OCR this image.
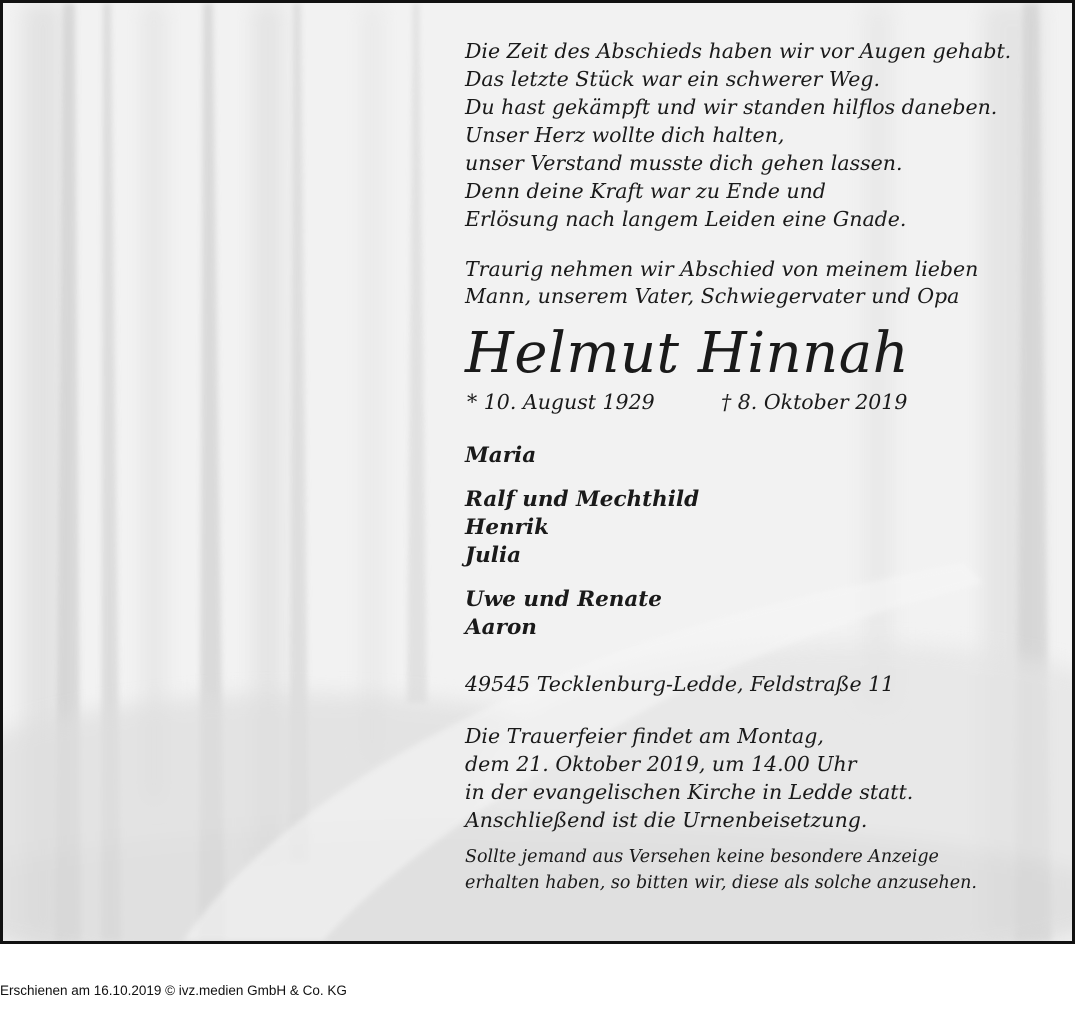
Die Zeit des Abschieds haben wir vor Augen gehabt.

Das letzte Stück war ein schwerer Weg.

Du hast gekämpft und wir standen hilflos daneben.

Unser Herz wollte dich halten,

unser Verstand musste dich gehen lassen.

Denn deine Kraft war zu Ende und

Erlösung nach langem Leiden eine Gnade.

Traurig nehmen wir Abschied von meinem lieben

Mann, unserem Vater, Schwiegervater und Opa

Helmut Hinnah
* 10. August 1929	† 8. Oktober 2019

Maria

Ralf und Mechthild

Henrik

Julia

Uwe und Renate

Aaron

49545 Tecklenburg-Ledde, Feldstraße 11

Die Trauerfeier findet am Montag,

dem 21. Oktober 2019, um 14.00 Uhr

in der evangelischen Kirche in Ledde statt.

Anschließend ist die Urnenbeisetzung.

Sollte jemand aus Versehen keine besondere Anzeige

erhalten haben, so bitten wir, diese als solche anzusehen.

Erschienen am 16.10.2019 © ivz.medien GmbH & Co. KG
